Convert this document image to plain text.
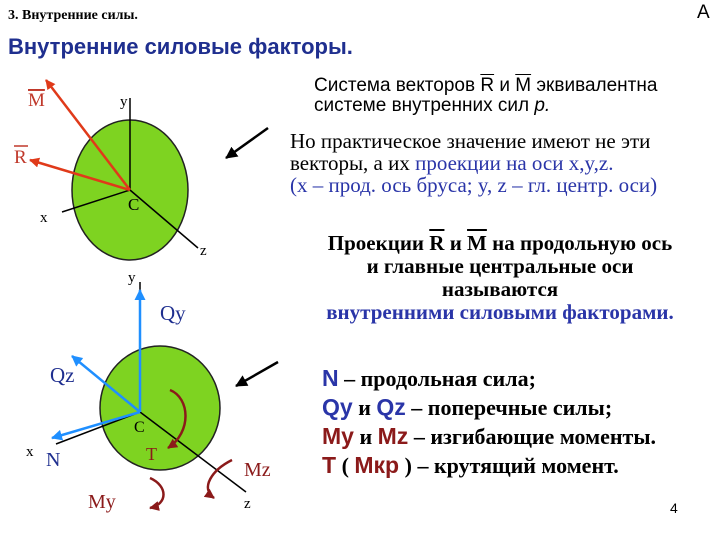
3. Внутренние силы.	A
Внутренние силовые факторы.
M
R
y
x
z
C
y
Qy
Qz
C
x N	T
Mz
My	z
Система векторов $\overline{R}$ и $\overline{M}$ эквивалентна
системе внутренних сил p.
Но практическое значение имеют не эти
векторы, а их проекции на оси x,y,z.
(х – прод. ось бруса; y, z – гл. центр. оси)
Проекции $\overline{R}$ и $\overline{M}$ на продольную ось
и главные центральные оси
называются
внутренними силовыми факторами.
N – продольная сила;
Qy и Qz – поперечные силы;
My и Mz – изгибающие моменты.
T ( Mкр ) – крутящий момент.
4
